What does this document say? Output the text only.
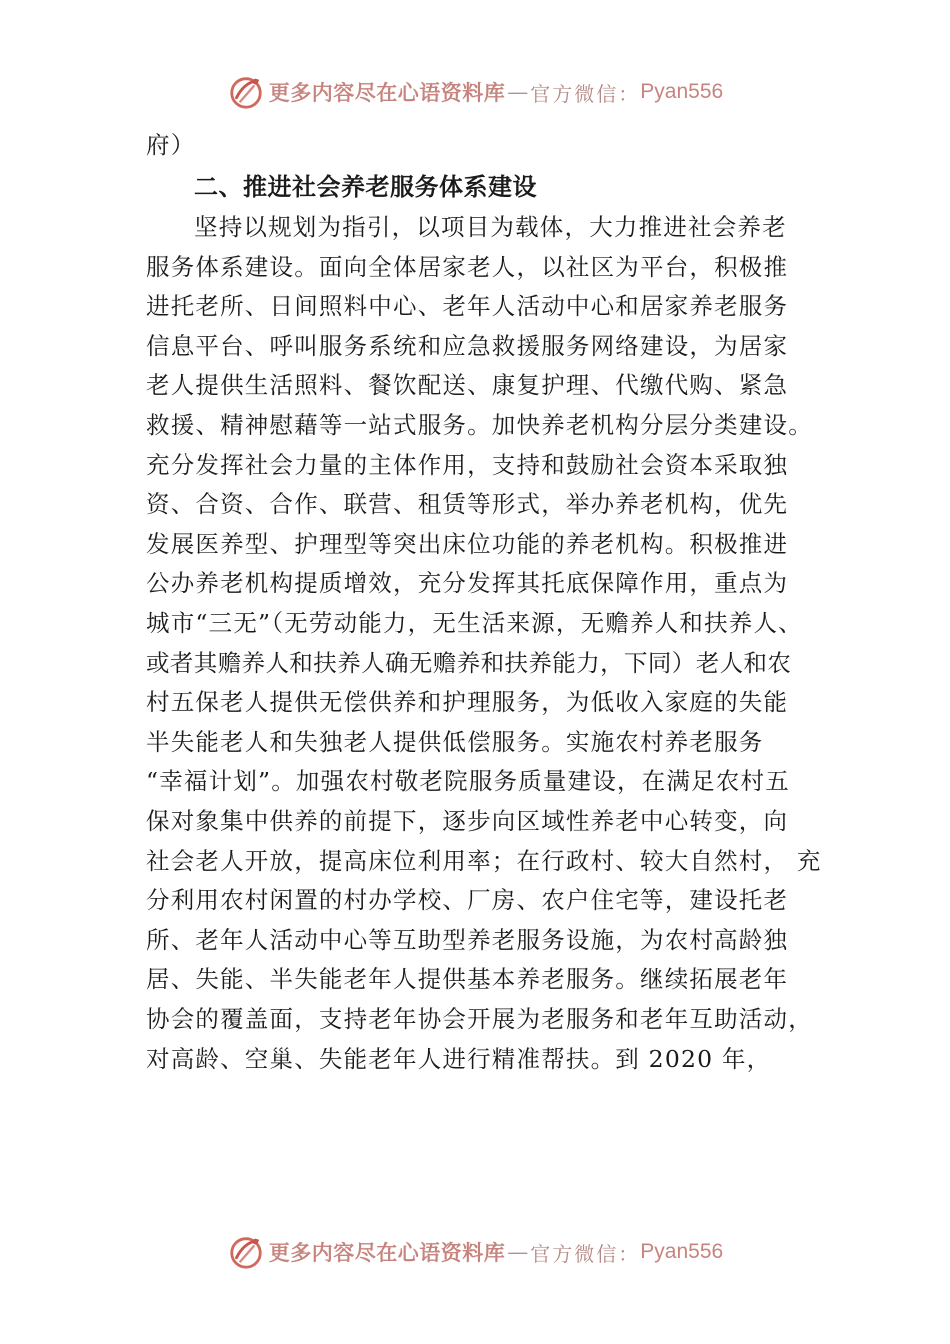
更多内容尽在心语资料库 — 官方微信： Pyan556
府）
二、推进社会养老服务体系建设
坚持以规划为指引，以项目为载体，大力推进社会养老
服务体系建设。面向全体居家老人，以社区为平台，积极推
进托老所、日间照料中心、老年人活动中心和居家养老服务
信息平台、呼叫服务系统和应急救援服务网络建设，为居家
老人提供生活照料、餐饮配送、康复护理、代缴代购、紧急
救援、精神慰藉等一站式服务。加快养老机构分层分类建设。
充分发挥社会力量的主体作用，支持和鼓励社会资本采取独
资、合资、合作、联营、租赁等形式，举办养老机构，优先
发展医养型、护理型等突出床位功能的养老机构。积极推进
公办养老机构提质增效，充分发挥其托底保障作用，重点为
城市“三无”（无劳动能力，无生活来源，无赡养人和扶养人、
或者其赡养人和扶养人确无赡养和扶养能力，下同）老人和农
村五保老人提供无偿供养和护理服务，为低收入家庭的失能
半失能老人和失独老人提供低偿服务。实施农村养老服务
“幸福计划”。加强农村敬老院服务质量建设，在满足农村五
保对象集中供养的前提下，逐步向区域性养老中心转变，向
社会老人开放，提高床位利用率；在行政村、较大自然村， 充
分利用农村闲置的村办学校、厂房、农户住宅等，建设托老
所、老年人活动中心等互助型养老服务设施，为农村高龄独
居、失能、半失能老年人提供基本养老服务。继续拓展老年
协会的覆盖面，支持老年协会开展为老服务和老年互助活动，
对高龄、空巢、失能老年人进行精准帮扶。到 2020 年，
更多内容尽在心语资料库 — 官方微信： Pyan556
